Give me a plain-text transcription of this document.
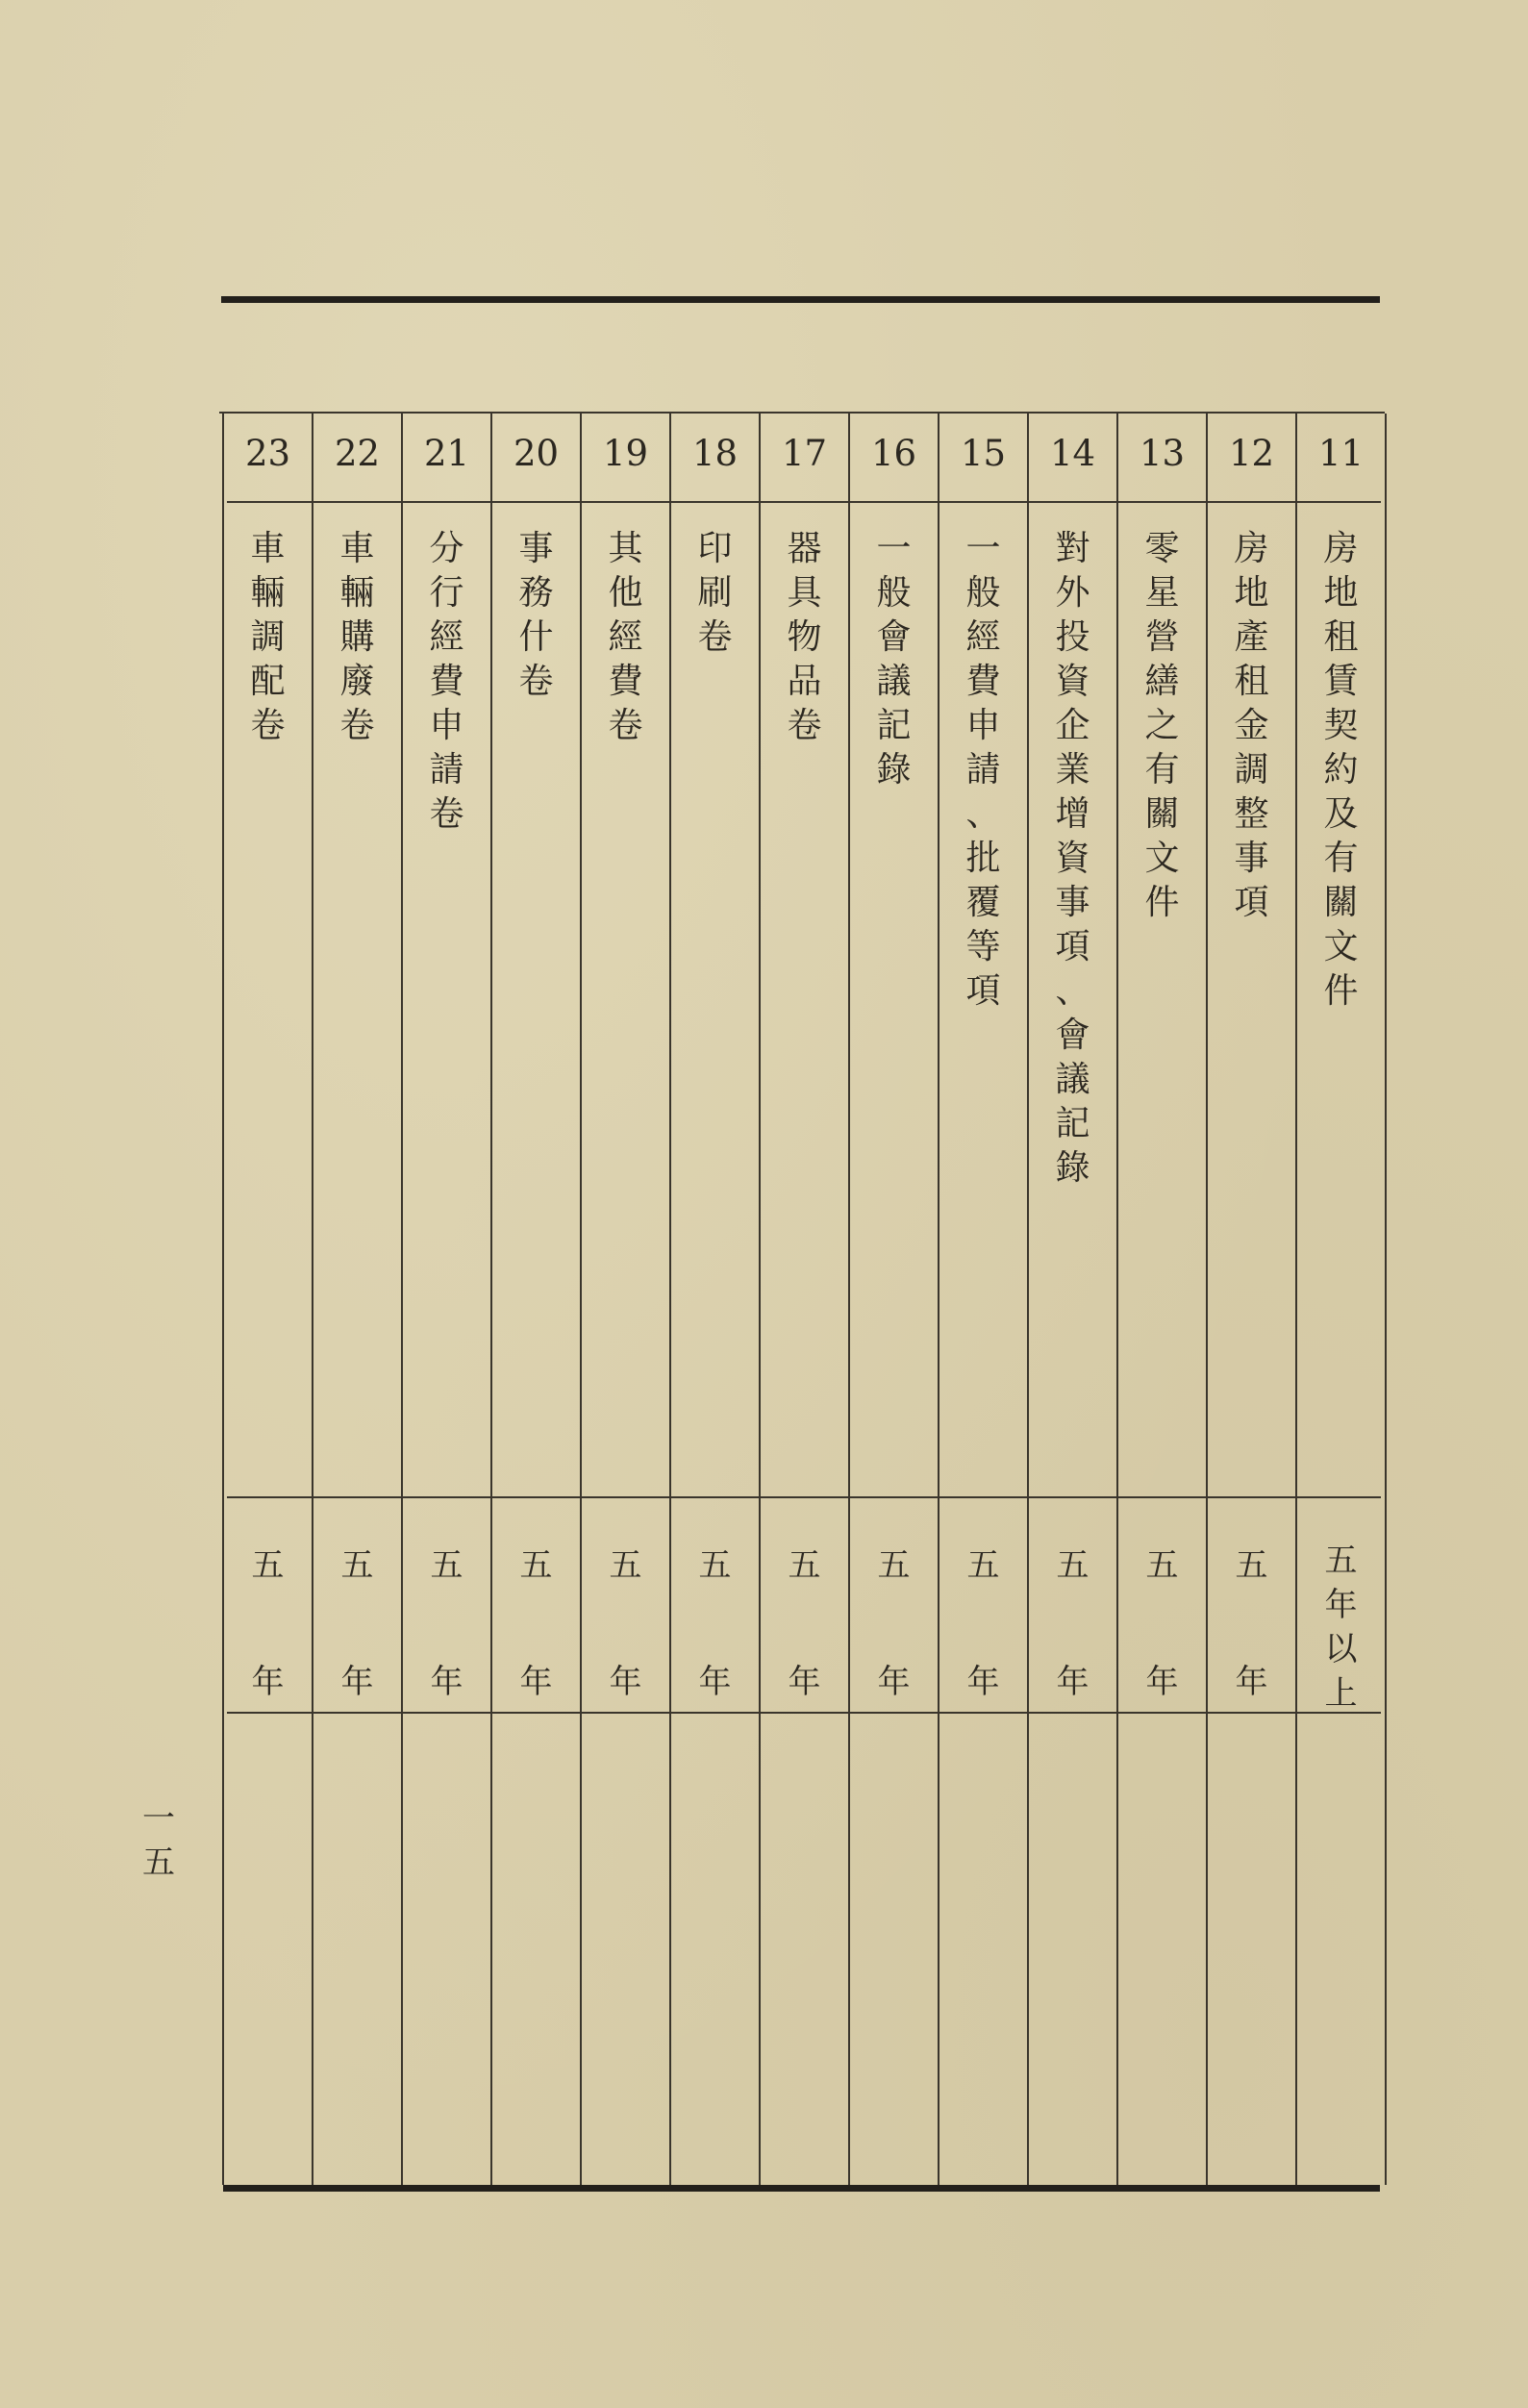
11
房
地
租
賃
契
約
及
有
關
文
件
五
年
以
上
12
房
地
產
租
金
調
整
事
項
五
年
13
零
星
營
繕
之
有
關
文
件
五
年
14
對
外
投
資
企
業
增
資
事
項
、
會
議
記
錄
五
年
15
一
般
經
費
申
請
、
批
覆
等
項
五
年
16
一
般
會
議
記
錄
五
年
17
器
具
物
品
卷
五
年
18
印
刷
卷
五
年
19
其
他
經
費
卷
五
年
20
事
務
什
卷
五
年
21
分
行
經
費
申
請
卷
五
年
22
車
輛
購
廢
卷
五
年
23
車
輛
調
配
卷
五
年
一
五
